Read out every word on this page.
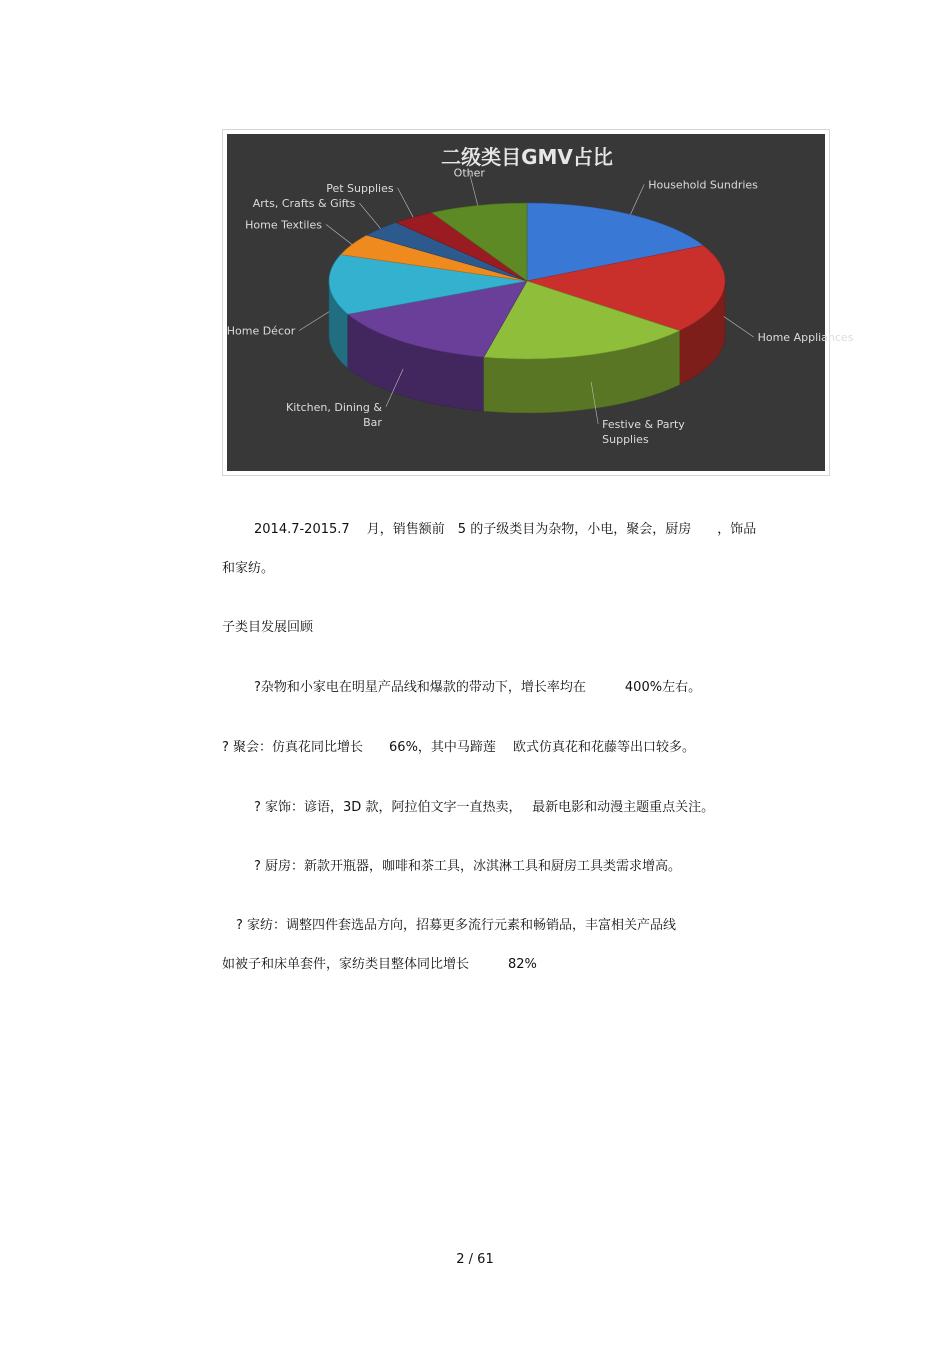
二级类目GMV占比
Household Sundries
Home Appliances
Festive & Party Supplies
Kitchen, Dining & Bar
Home Décor
Home Textiles
Arts, Crafts & Gifts
Pet Supplies
Other

2014.7-2015.7　 月，销售额前　5 的子级类目为杂物，小电，聚会，厨房　　，饰品

和家纺。

子类目发展回顾

?杂物和小家电在明星产品线和爆款的带动下，增长率均在　　　400%左右。

? 聚会：仿真花同比增长　　66%，其中马蹄莲　 欧式仿真花和花藤等出口较多。

? 家饰：谚语，3D 款，阿拉伯文字一直热卖，　 最新电影和动漫主题重点关注。

? 厨房：新款开瓶器，咖啡和茶工具，冰淇淋工具和厨房工具类需求增高。

? 家纺：调整四件套选品方向，招募更多流行元素和畅销品，丰富相关产品线

如被子和床单套件，家纺类目整体同比增长　　　82%

2 / 61
